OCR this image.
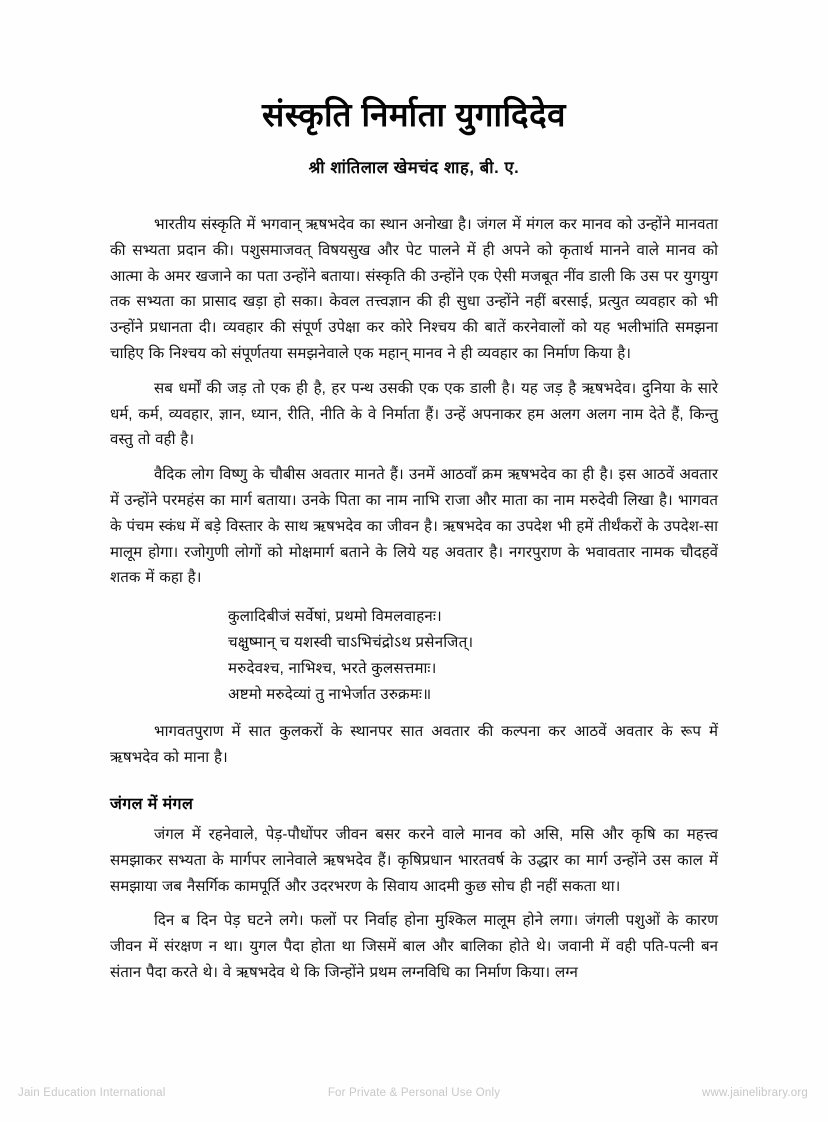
संस्कृति निर्माता युगादिदेव
श्री शांतिलाल खेमचंद शाह, बी. ए.

भारतीय संस्कृति में भगवान् ऋषभदेव का स्थान अनोखा है। जंगल में मंगल कर मानव को उन्होंने मानवता की सभ्यता प्रदान की। पशुसमाजवत् विषयसुख और पेट पालने में ही अपने को कृतार्थ मानने वाले मानव को आत्मा के अमर खजाने का पता उन्होंने बताया। संस्कृति की उन्होंने एक ऐसी मजबूत नींव डाली कि उस पर युगयुग तक सभ्यता का प्रासाद खड़ा हो सका। केवल तत्त्वज्ञान की ही सुधा उन्होंने नहीं बरसाई, प्रत्युत व्यवहार को भी उन्होंने प्रधानता दी। व्यवहार की संपूर्ण उपेक्षा कर कोरे निश्चय की बातें करनेवालों को यह भलीभांति समझना चाहिए कि निश्चय को संपूर्णतया समझनेवाले एक महान् मानव ने ही व्यवहार का निर्माण किया है।

सब धर्मों की जड़ तो एक ही है, हर पन्थ उसकी एक एक डाली है। यह जड़ है ऋषभदेव। दुनिया के सारे धर्म, कर्म, व्यवहार, ज्ञान, ध्यान, रीति, नीति के वे निर्माता हैं। उन्हें अपनाकर हम अलग अलग नाम देते हैं, किन्तु वस्तु तो वही है।

वैदिक लोग विष्णु के चौबीस अवतार मानते हैं। उनमें आठवाँ क्रम ऋषभदेव का ही है। इस आठवें अवतार में उन्होंने परमहंस का मार्ग बताया। उनके पिता का नाम नाभि राजा और माता का नाम मरुदेवी लिखा है। भागवत के पंचम स्कंध में बड़े विस्तार के साथ ऋषभदेव का जीवन है। ऋषभदेव का उपदेश भी हमें तीर्थंकरों के उपदेश-सा मालूम होगा। रजोगुणी लोगों को मोक्षमार्ग बताने के लिये यह अवतार है। नगरपुराण के भवावतार नामक चौदहवें शतक में कहा है।

कुलादिबीजं सर्वेषां, प्रथमो विमलवाहनः।
चक्षुष्मान् च यशस्वी चाऽभिचंद्रोऽथ प्रसेनजित्।
मरुदेवश्च, नाभिश्च, भरते कुलसत्तमाः।
अष्टमो मरुदेव्यां तु नाभेर्जात उरुक्रमः॥

भागवतपुराण में सात कुलकरों के स्थानपर सात अवतार की कल्पना कर आठवें अवतार के रूप में ऋषभदेव को माना है।

जंगल में मंगल

जंगल में रहनेवाले, पेड़-पौधोंपर जीवन बसर करने वाले मानव को असि, मसि और कृषि का महत्त्व समझाकर सभ्यता के मार्गपर लानेवाले ऋषभदेव हैं। कृषिप्रधान भारतवर्ष के उद्धार का मार्ग उन्होंने उस काल में समझाया जब नैसर्गिक कामपूर्ति और उदरभरण के सिवाय आदमी कुछ सोच ही नहीं सकता था।

दिन ब दिन पेड़ घटने लगे। फलों पर निर्वाह होना मुश्किल मालूम होने लगा। जंगली पशुओं के कारण जीवन में संरक्षण न था। युगल पैदा होता था जिसमें बाल और बालिका होते थे। जवानी में वही पति-पत्नी बन संतान पैदा करते थे। वे ऋषभदेव थे कि जिन्होंने प्रथम लग्नविधि का निर्माण किया। लग्न

Jain Education International	For Private & Personal Use Only	www.jainelibrary.org
